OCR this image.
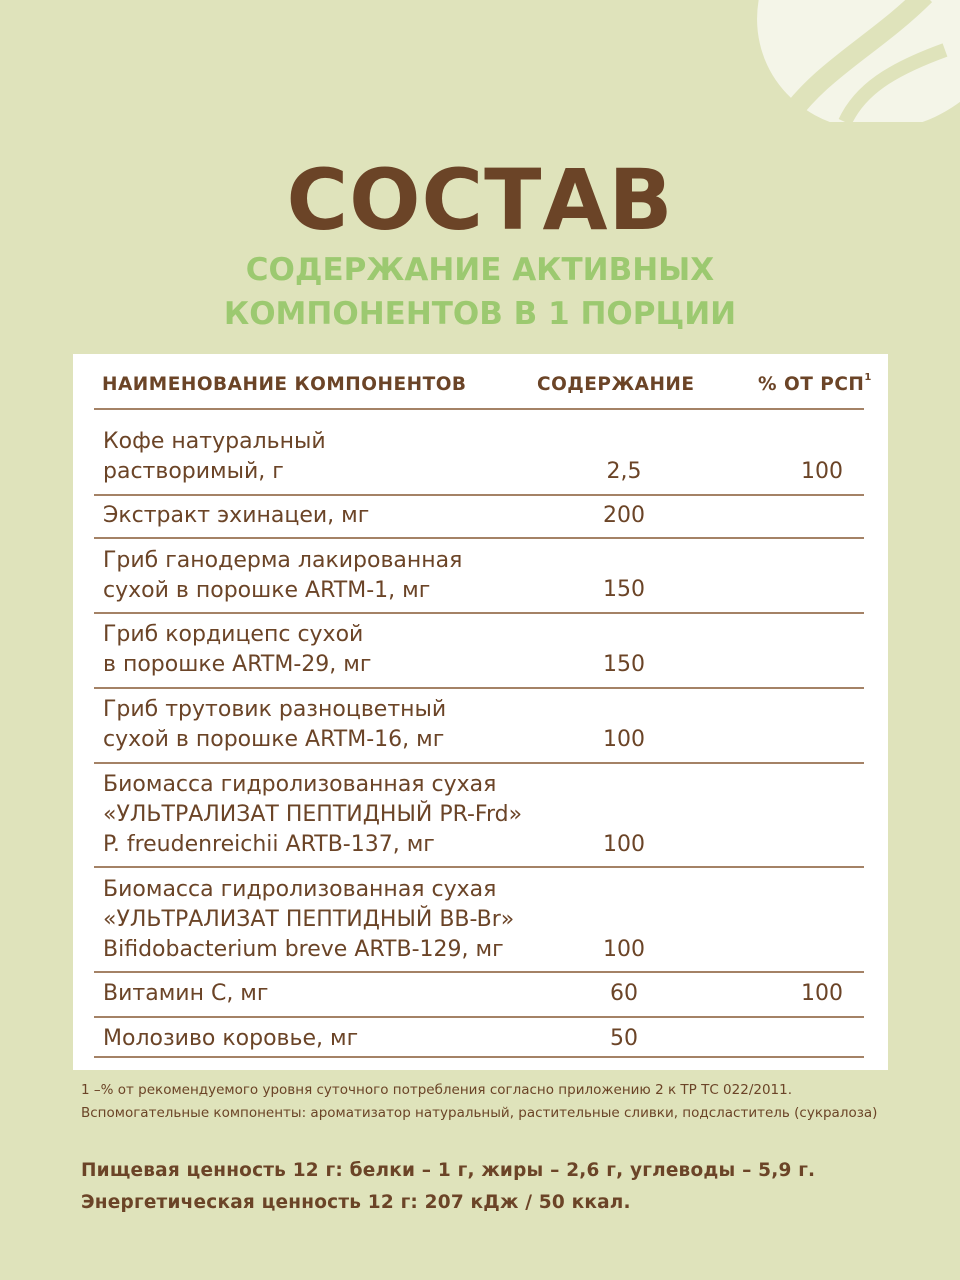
СОСТАВ
СОДЕРЖАНИЕ АКТИВНЫХ
КОМПОНЕНТОВ В 1 ПОРЦИИ
НАИМЕНОВАНИЕ КОМПОНЕНТОВ	СОДЕРЖАНИЕ	% ОТ РСП$^1$
Кофе натуральный
растворимый, г	2,5	100
Экстракт эхинацеи, мг	200
Гриб ганодерма лакированная
сухой в порошке ARTM-1, мг	150
Гриб кордицепс сухой
в порошке ARTM-29, мг	150
Гриб трутовик разноцветный
сухой в порошке ARTM-16, мг	100
Биомасса гидролизованная сухая
«УЛЬТРАЛИЗАТ ПЕПТИДНЫЙ PR-Frd»
P. freudenreichii ARTB-137, мг	100
Биомасса гидролизованная сухая
«УЛЬТРАЛИЗАТ ПЕПТИДНЫЙ BB-Br»
Bifidobacterium breve ARTB-129, мг	100
Витамин С, мг	60	100
Молозиво коровье, мг	50
1 –% от рекомендуемого уровня суточного потребления согласно приложению 2 к ТР ТС 022/2011.
Вспомогательные компоненты: ароматизатор натуральный, растительные сливки, подсластитель (сукралоза)
Пищевая ценность 12 г: белки – 1 г, жиры – 2,6 г, углеводы – 5,9 г.
Энергетическая ценность 12 г: 207 кДж / 50 ккал.
